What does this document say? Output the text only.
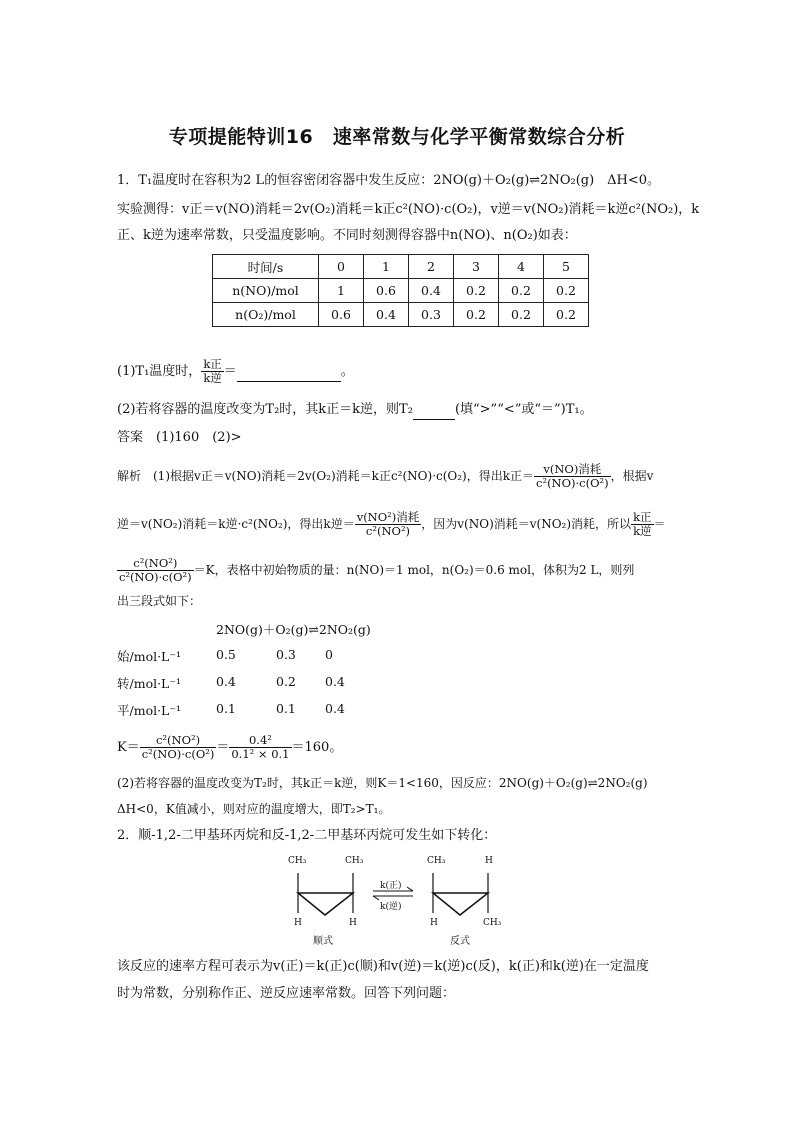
专项提能特训16　速率常数与化学平衡常数综合分析
1．T₁温度时在容积为2 L的恒容密闭容器中发生反应：2NO(g)＋O₂(g)⇌2NO₂(g)　ΔH<0。
实验测得：v正＝v(NO)消耗＝2v(O₂)消耗＝k正c²(NO)·c(O₂)，v逆＝v(NO₂)消耗＝k逆c²(NO₂)，k
正、k逆为速率常数，只受温度影响。不同时刻测得容器中n(NO)、n(O₂)如表：
时间/s	0	1	2	3	4	5
n(NO)/mol	1	0.6	0.4	0.2	0.2	0.2
n(O₂)/mol	0.6	0.4	0.3	0.2	0.2	0.2
(1)T₁温度时， $\frac{\text{k正}}{\text{k逆}}$ ＝	。
(2)若将容器的温度改变为T₂时，其k正＝k逆，则T₂	(填“>”“<”或“＝”)T₁。
答案　(1)160　(2)>
解析　(1)根据v正＝v(NO)消耗＝2v(O₂)消耗＝k正c²(NO)·c(O₂)，得出k正＝ $\frac{\text{v(NO)消耗}}{\text{c²(NO)·c(O²)}}$ ，根据v
逆＝v(NO₂)消耗＝k逆·c²(NO₂)，得出k逆＝ $\frac{\text{v(NO²)消耗}}{\text{c²(NO²)}}$ ，因为v(NO)消耗＝v(NO₂)消耗，所以 $\frac{\text{k正}}{\text{k逆}}$ ＝
$\frac{\text{c²(NO²)}}{\text{c²(NO)·c(O²)}} =K$，表格中初始物质的量：n(NO)＝1 mol，n(O₂)＝0.6 mol，体积为2 L，则列
出三段式如下：
2NO(g)＋O₂(g)⇌2NO₂(g)
始/mol·L⁻¹	0.5	0.3 0
转/mol·L⁻¹	0.4	0.2 0.4
平/mol·L⁻¹	0.1	0.1 0.4
$K= \frac{\text{c²(NO²)}}{\text{c²(NO)·c(O²)}} = \frac{\text{0.4²}}{\text{0.1² × 0.1}} =160$。
(2)若将容器的温度改变为T₂时，其k正＝k逆，则K＝1<160，因反应：2NO(g)＋O₂(g)⇌2NO₂(g)
ΔH<0，K值减小，则对应的温度增大，即T₂>T₁。
2．顺-1,2-二甲基环丙烷和反-1,2-二甲基环丙烷可发生如下转化：
CH₃	CH₃
H	H
顺式
k(正)
k(逆)
CH₃	H
H	CH₃
反式
该反应的速率方程可表示为v(正)＝k(正)c(顺)和v(逆)＝k(逆)c(反)，k(正)和k(逆)在一定温度
时为常数，分别称作正、逆反应速率常数。回答下列问题：
